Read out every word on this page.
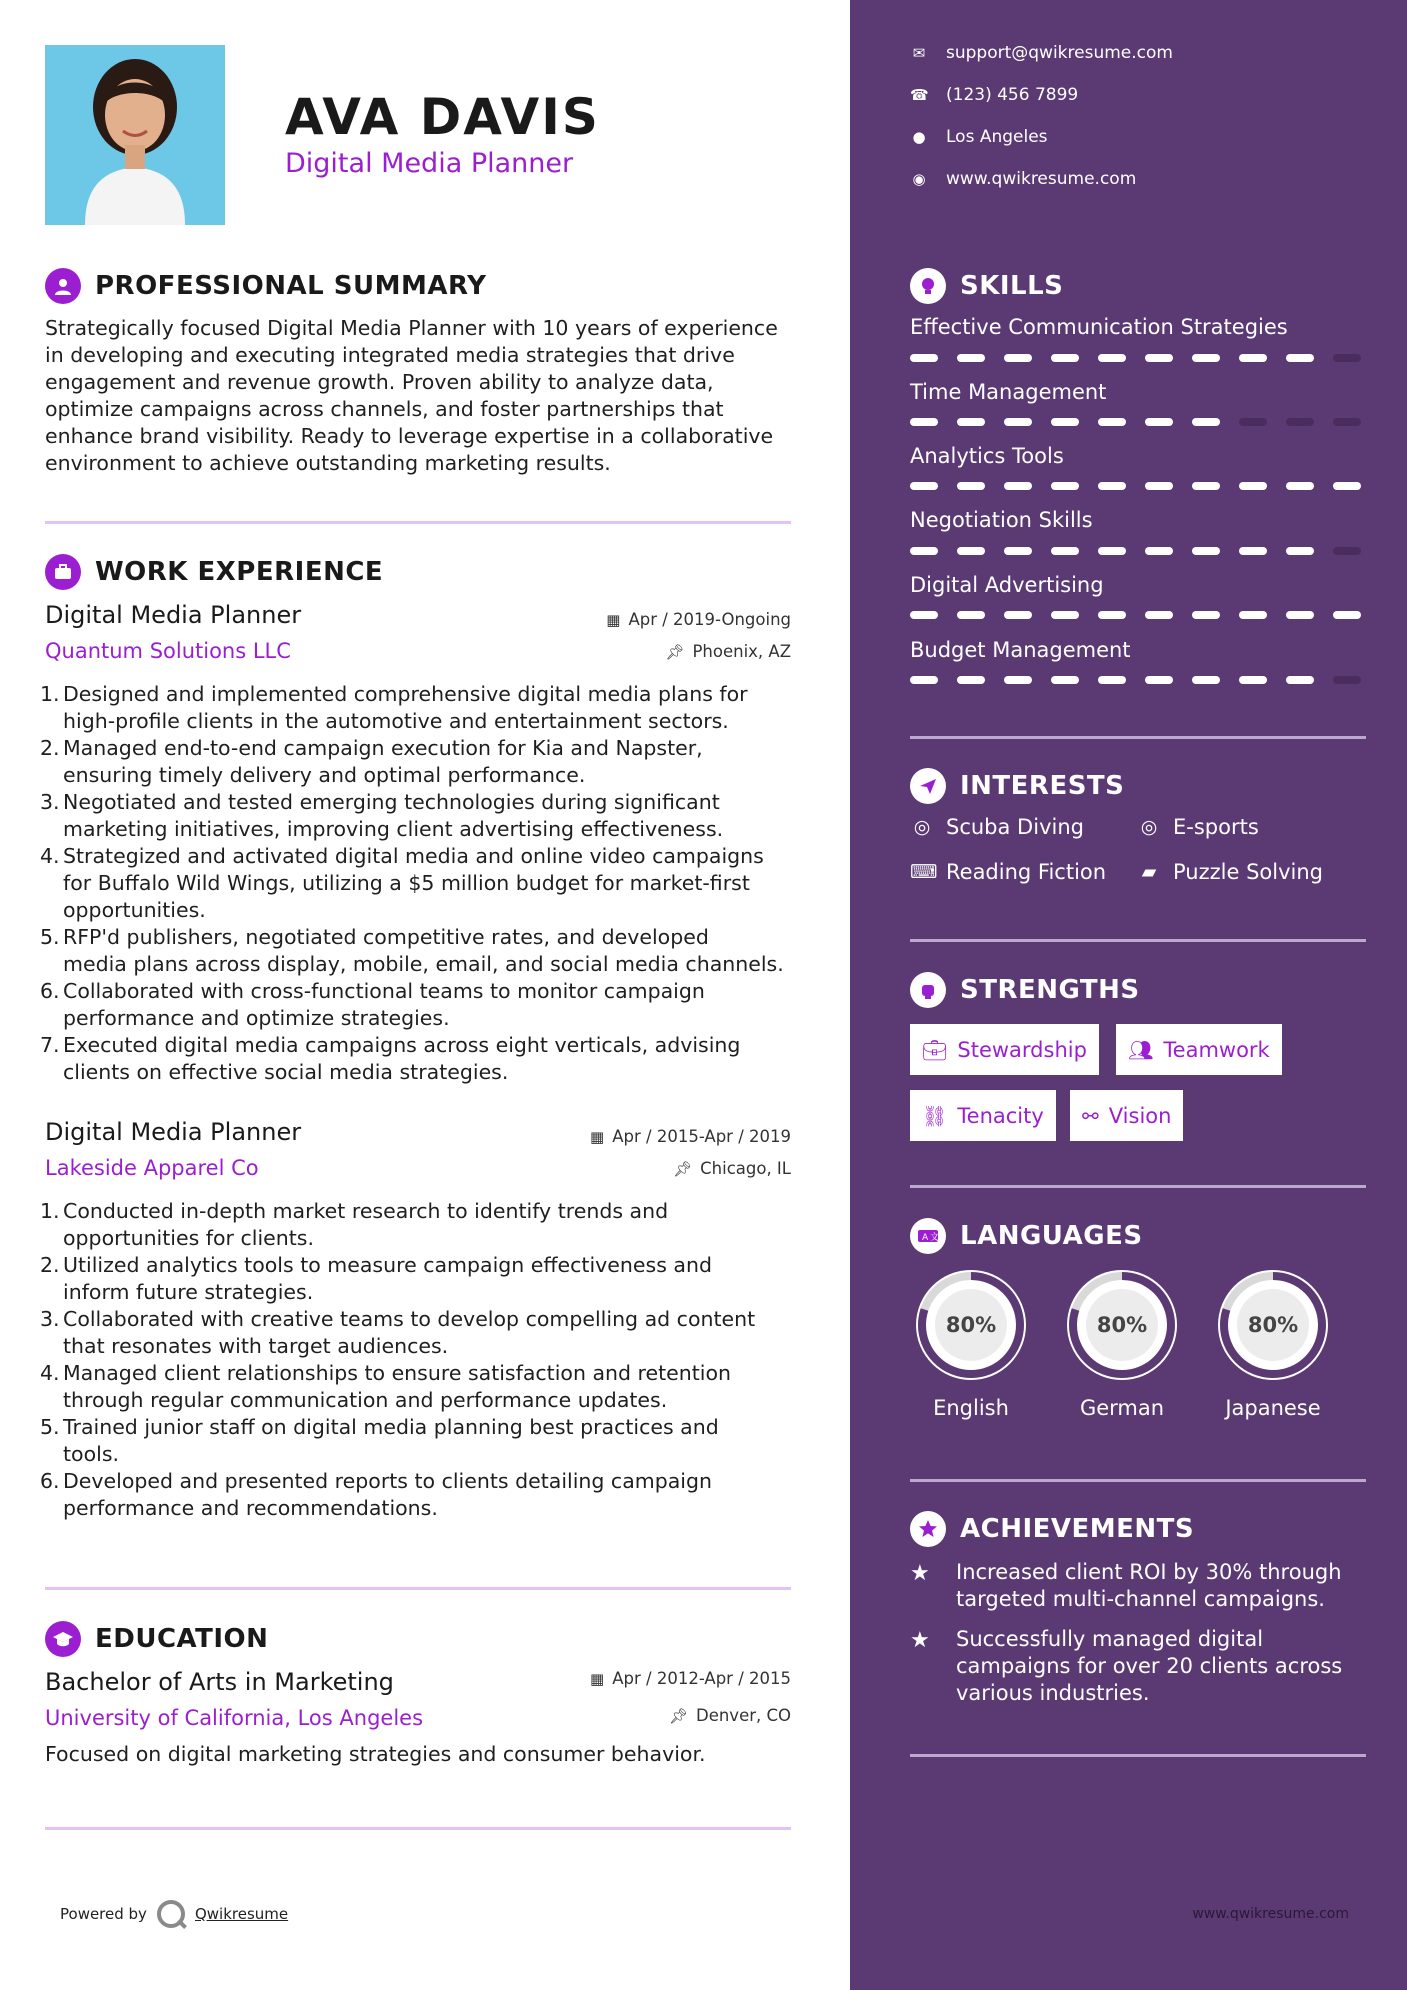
AVA DAVIS
Digital Media Planner
PROFESSIONAL SUMMARY
Strategically focused Digital Media Planner with 10 years of experience
in developing and executing integrated media strategies that drive
engagement and revenue growth. Proven ability to analyze data,
optimize campaigns across channels, and foster partnerships that
enhance brand visibility. Ready to leverage expertise in a collaborative
environment to achieve outstanding marketing results.
WORK EXPERIENCE
Digital Media Planner	▦ Apr / 2019-Ongoing
Quantum Solutions LLC	📌︎ Phoenix, AZ
1. Designed and implemented comprehensive digital media plans for
high-profile clients in the automotive and entertainment sectors.
2. Managed end-to-end campaign execution for Kia and Napster,
ensuring timely delivery and optimal performance.
3. Negotiated and tested emerging technologies during significant
marketing initiatives, improving client advertising effectiveness.
4. Strategized and activated digital media and online video campaigns
for Buffalo Wild Wings, utilizing a $5 million budget for market-first
opportunities.
5. RFP'd publishers, negotiated competitive rates, and developed
media plans across display, mobile, email, and social media channels.
6. Collaborated with cross-functional teams to monitor campaign
performance and optimize strategies.
7. Executed digital media campaigns across eight verticals, advising
clients on effective social media strategies.
Digital Media Planner	▦ Apr / 2015-Apr / 2019
Lakeside Apparel Co	📌︎ Chicago, IL
1. Conducted in-depth market research to identify trends and
opportunities for clients.
2. Utilized analytics tools to measure campaign effectiveness and
inform future strategies.
3. Collaborated with creative teams to develop compelling ad content
that resonates with target audiences.
4. Managed client relationships to ensure satisfaction and retention
through regular communication and performance updates.
5. Trained junior staff on digital media planning best practices and
tools.
6. Developed and presented reports to clients detailing campaign
performance and recommendations.
EDUCATION
Bachelor of Arts in Marketing	▦ Apr / 2012-Apr / 2015
University of California, Los Angeles	📌︎ Denver, CO
Focused on digital marketing strategies and consumer behavior.
Powered by	Qwikresume
✉ support@qwikresume.com
☎ (123) 456 7899
● Los Angeles
◉ www.qwikresume.com
SKILLS
Effective Communication Strategies
Time Management
Analytics Tools
Negotiation Skills
Digital Advertising
Budget Management
INTERESTS
◎ Scuba Diving	◎ E-sports
⌨ Reading Fiction ▰ Puzzle Solving
STRENGTHS
💼︎ Stewardship 👥︎ Teamwork
⛓ Tenacity ⚯ Vision
A 文 LANGUAGES
80%
English
80%
German
80%
Japanese
ACHIEVEMENTS
★	Increased client ROI by 30% through
targeted multi-channel campaigns.
★	Successfully managed digital
campaigns for over 20 clients across
various industries.
www.qwikresume.com
